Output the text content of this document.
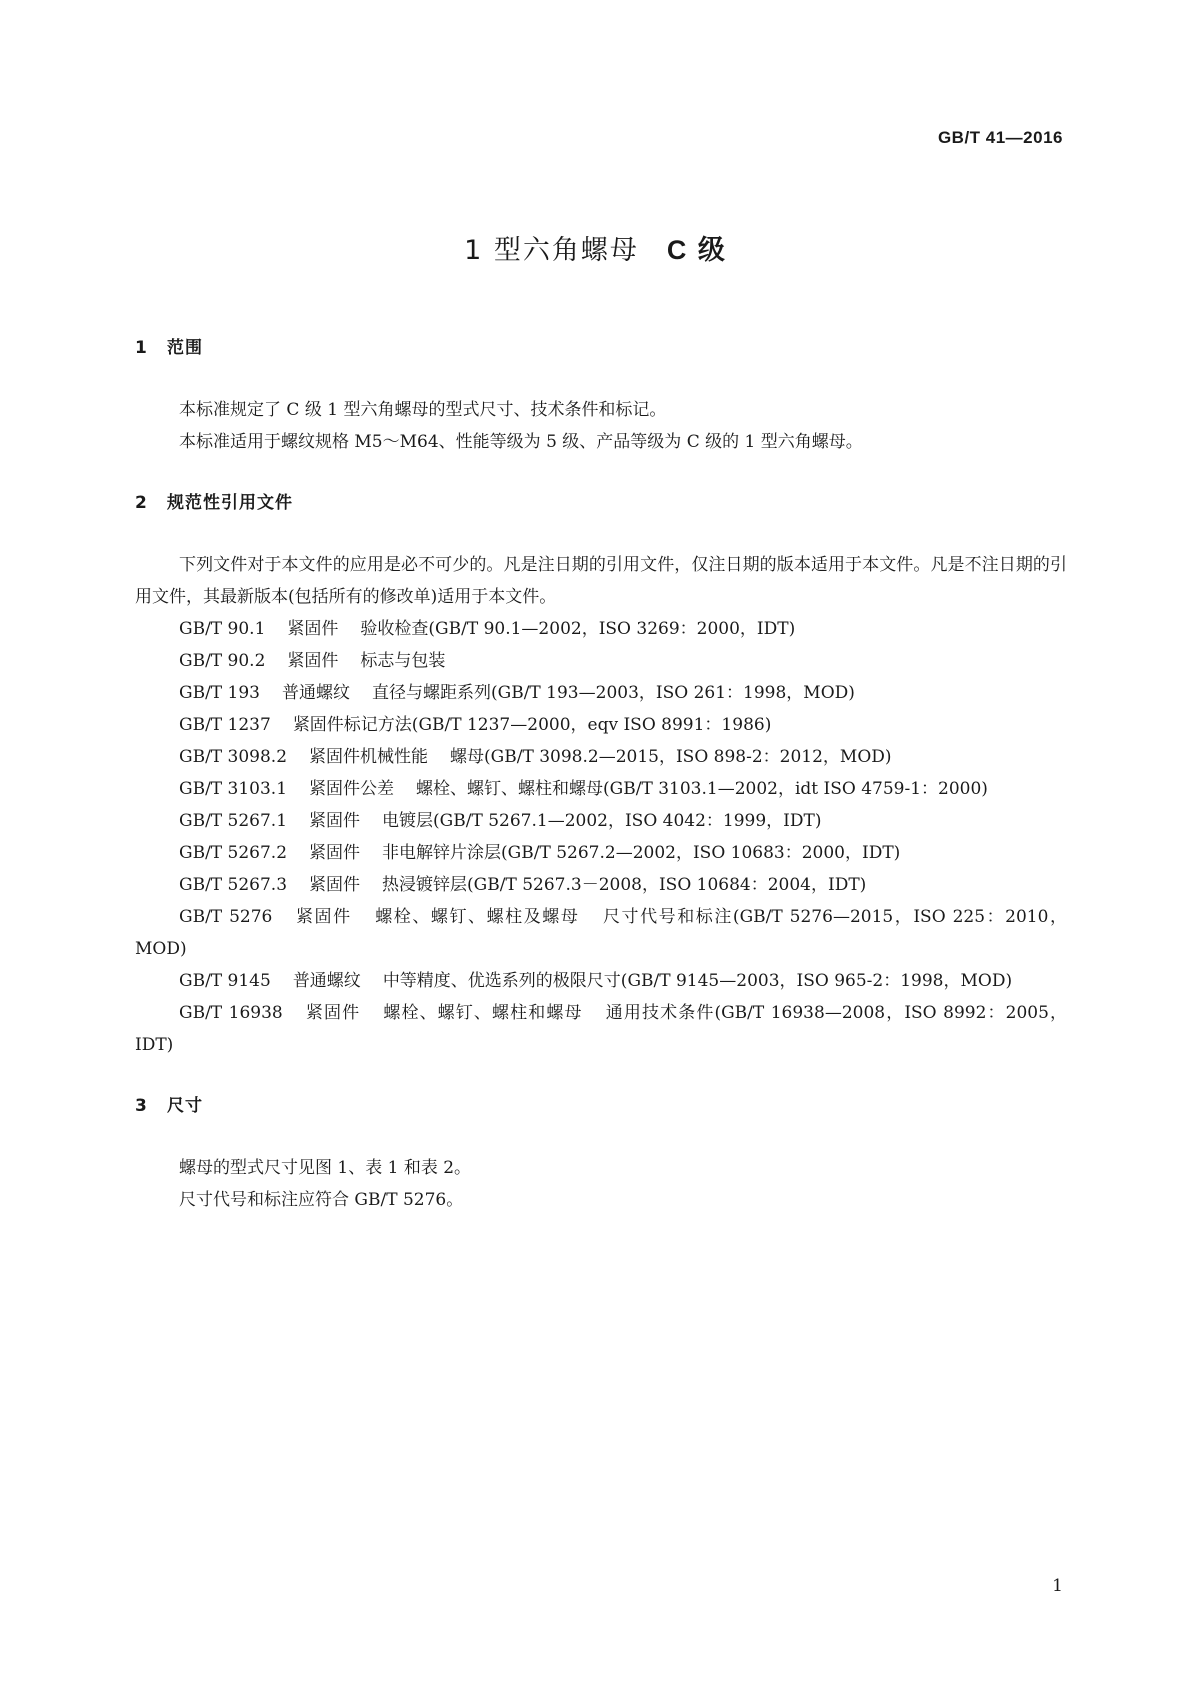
GB/T 41—2016
1 型六角螺母 C 级
1 范围

本标准规定了 C 级 1 型六角螺母的型式尺寸、技术条件和标记。

本标准适用于螺纹规格 M5～M64、性能等级为 5 级、产品等级为 C 级的 1 型六角螺母。

2 规范性引用文件

下列文件对于本文件的应用是必不可少的。凡是注日期的引用文件，仅注日期的版本适用于本文件。凡是不注日期的引用文件，其最新版本(包括所有的修改单)适用于本文件。

GB/T 90.1 紧固件 验收检查(GB/T 90.1—2002，ISO 3269：2000，IDT)

GB/T 90.2 紧固件 标志与包装

GB/T 193 普通螺纹 直径与螺距系列(GB/T 193—2003，ISO 261：1998，MOD)

GB/T 1237 紧固件标记方法(GB/T 1237—2000，eqv ISO 8991：1986)

GB/T 3098.2 紧固件机械性能 螺母(GB/T 3098.2—2015，ISO 898-2：2012，MOD)

GB/T 3103.1 紧固件公差 螺栓、螺钉、螺柱和螺母(GB/T 3103.1—2002，idt ISO 4759-1：2000)

GB/T 5267.1 紧固件 电镀层(GB/T 5267.1—2002，ISO 4042：1999，IDT)

GB/T 5267.2 紧固件 非电解锌片涂层(GB/T 5267.2—2002，ISO 10683：2000，IDT)

GB/T 5267.3 紧固件 热浸镀锌层(GB/T 5267.3－2008，ISO 10684：2004，IDT)

GB/T 5276 紧固件 螺栓、螺钉、螺柱及螺母 尺寸代号和标注(GB/T 5276—2015，ISO 225：2010，MOD)

GB/T 9145 普通螺纹 中等精度、优选系列的极限尺寸(GB/T 9145—2003，ISO 965-2：1998，MOD)

GB/T 16938 紧固件 螺栓、螺钉、螺柱和螺母 通用技术条件(GB/T 16938—2008，ISO 8992：2005，IDT)

3 尺寸

螺母的型式尺寸见图 1、表 1 和表 2。

尺寸代号和标注应符合 GB/T 5276。

1
